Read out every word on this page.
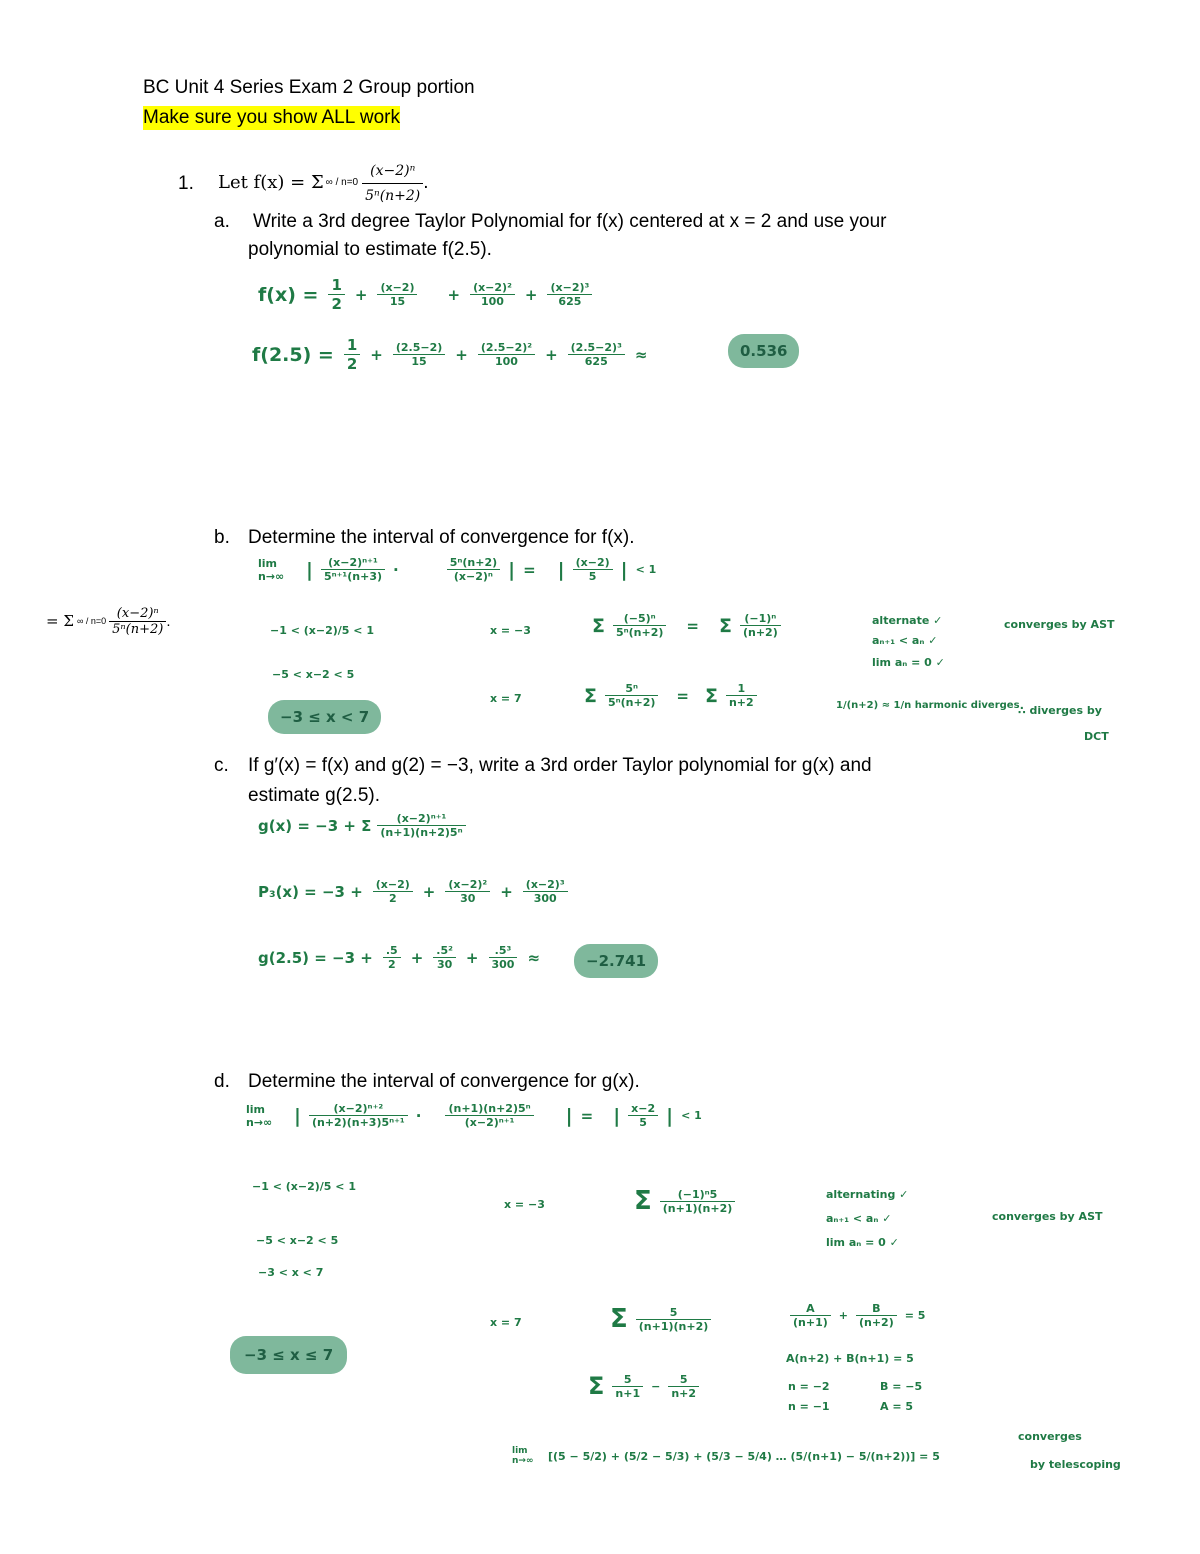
BC Unit 4 Series Exam 2 Group portion
Make sure you show ALL work
1. Let f(x) = Σ ∞ / $n=0 \frac{\text{(x−2)ⁿ}}{\text{5ⁿ(n+2)}}$ .
= Σ ∞ / $n=0 \frac{\text{(x−2)ⁿ}}{\text{5ⁿ(n+2)}}$ .
a. Write a 3rd degree Taylor Polynomial for f(x) centered at x = 2 and use your
polynomial to estimate f(2.5).
$f(x) = \frac{1}{2} + \frac{(x-2)}{15} + \frac{\text{(x−2)²}}{100} + \frac{\text{(x−2)³}}{625}$
$f(2.5) = \frac{1}{2} + \frac{(2.5-2)}{15} + \frac{\text{(2.5−2)²}}{100} + \frac{\text{(2.5−2)³}}{625}$ ≈	0.536
b. Determine the interval of convergence for f(x).
lim n→∞	| $\frac{\text{(x−2)ⁿ⁺¹}}{\text{5ⁿ⁺¹(n+3)}}$ ·	$\frac{\text{5ⁿ(n+2)}}{\text{(x−2)ⁿ}}$ | = | $\frac{(x-2)}{5}$ | < 1
−1 < (x−2)/5 < 1
−5 < x−2 < 5
−3 ≤ x < 7
x = −3	Σ $\frac{\text{(−5)ⁿ}}{\text{5ⁿ(n+2)}} = \Sigma \frac{\text{(−1)ⁿ}}{(n+2)}$	alternate ✓
aₙ₊₁ < aₙ ✓
lim aₙ = 0 ✓
converges by AST
x = 7	Σ $\frac{\text{5ⁿ}}{\text{5ⁿ(n+2)}} = \Sigma \frac{1}{n+2}$	1/(n+2) ≈ 1/n harmonic diverges
∴ diverges by
DCT
c. If g′(x) = f(x) and g(2) = −3, write a 3rd order Taylor polynomial for g(x) and
estimate g(2.5).
g(x) = −3 + Σ $\frac{\text{(x−2)ⁿ⁺¹}}{\text{(n+1)(n+2)5ⁿ}}$
$P_3(x) = -3 + \frac{(x-2)}{2} + \frac{\text{(x−2)²}}{30} + \frac{\text{(x−2)³}}{300}$
$g(2.5) = -3 + \frac{.5}{2} + \frac{\text{.5²}}{30} + \frac{\text{.5³}}{300}$ ≈	−2.741
d. Determine the interval of convergence for g(x).
lim n→∞	| $\frac{\text{(x−2)ⁿ⁺²}}{\text{(n+2)(n+3)5ⁿ⁺¹}} \cdot \frac{\text{(n+1)(n+2)5ⁿ}}{\text{(x−2)ⁿ⁺¹}}$ | = | $\frac{x-2}{5}$ | < 1
−1 < (x−2)/5 < 1
−5 < x−2 < 5
−3 < x < 7
−3 ≤ x ≤ 7
x = −3	Σ $\frac{\text{(−1)ⁿ5}}{(n+1)(n+2)}$	alternating ✓
aₙ₊₁ < aₙ ✓
lim aₙ = 0 ✓
converges by AST
x = 7	Σ $\frac{5}{(n+1)(n+2)}$	$\frac{A}{(n+1)} + \frac{B}{(n+2)} = 5$
A(n+2) + B(n+1) = 5
n = −2	B = −5
n = −1	A = 5
Σ $\frac{5}{n+1} - \frac{5}{n+2}$
lim n→∞	[(5 − 5/2) + (5/2 − 5/3) + (5/3 − 5/4) … (5/(n+1) − 5/(n+2))] = 5
converges
by telescoping
